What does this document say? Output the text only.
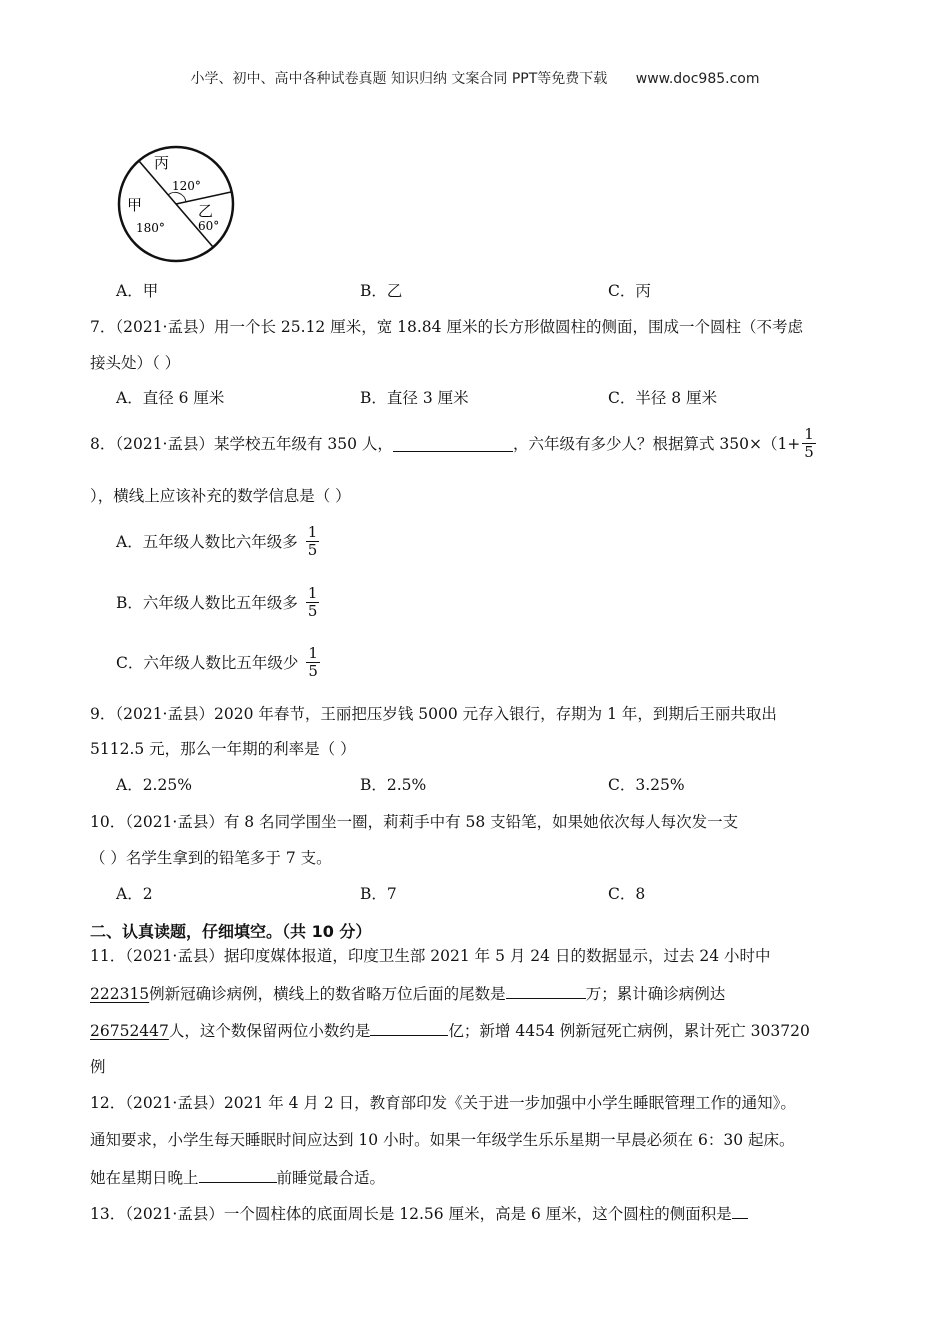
小学、初中、高中各种试卷真题 知识归纳 文案合同 PPT等免费下载 www.doc985.com
丙
120°
甲
180°
乙
60°
A．甲	B．乙	C．丙
7．（2021·孟县）用一个长 25.12 厘米，宽 18.84 厘米的长方形做圆柱的侧面，围成一个圆柱（不考虑
接头处）（ ）
A．直径 6 厘米	B．直径 3 厘米	C．半径 8 厘米
8．（2021·孟县）某学校五年级有 350 人，	，六年级有多少人？根据算式 $350\times(1+ \frac{1}{5}$
），横线上应该补充的数学信息是（ ）
A．五年级人数比六年级多 $\frac{1}{5}$
B．六年级人数比五年级多 $\frac{1}{5}$
C．六年级人数比五年级少 $\frac{1}{5}$
9．（2021·孟县）2020 年春节，王丽把压岁钱 5000 元存入银行，存期为 1 年，到期后王丽共取出
5112.5 元，那么一年期的利率是（ ）
A．2.25%	B．2.5%	C．3.25%
10．（2021·孟县）有 8 名同学围坐一圈，莉莉手中有 58 支铅笔，如果她依次每人每次发一支
（ ）名学生拿到的铅笔多于 7 支。
A．2	B．7	C．8
二、认真读题，仔细填空。（共 10 分）
11．（2021·孟县）据印度媒体报道，印度卫生部 2021 年 5 月 24 日的数据显示，过去 24 小时中
222315例新冠确诊病例，横线上的数省略万位后面的尾数是	万；累计确诊病例达
26752447人，这个数保留两位小数约是	亿；新增 4454 例新冠死亡病例，累计死亡 303720
例
12．（2021·孟县）2021 年 4 月 2 日，教育部印发《关于进一步加强中小学生睡眠管理工作的通知》。
通知要求，小学生每天睡眠时间应达到 10 小时。如果一年级学生乐乐星期一早晨必须在 6：30 起床。
她在星期日晚上	前睡觉最合适。
13．（2021·孟县）一个圆柱体的底面周长是 12.56 厘米，高是 6 厘米，这个圆柱的侧面积是
